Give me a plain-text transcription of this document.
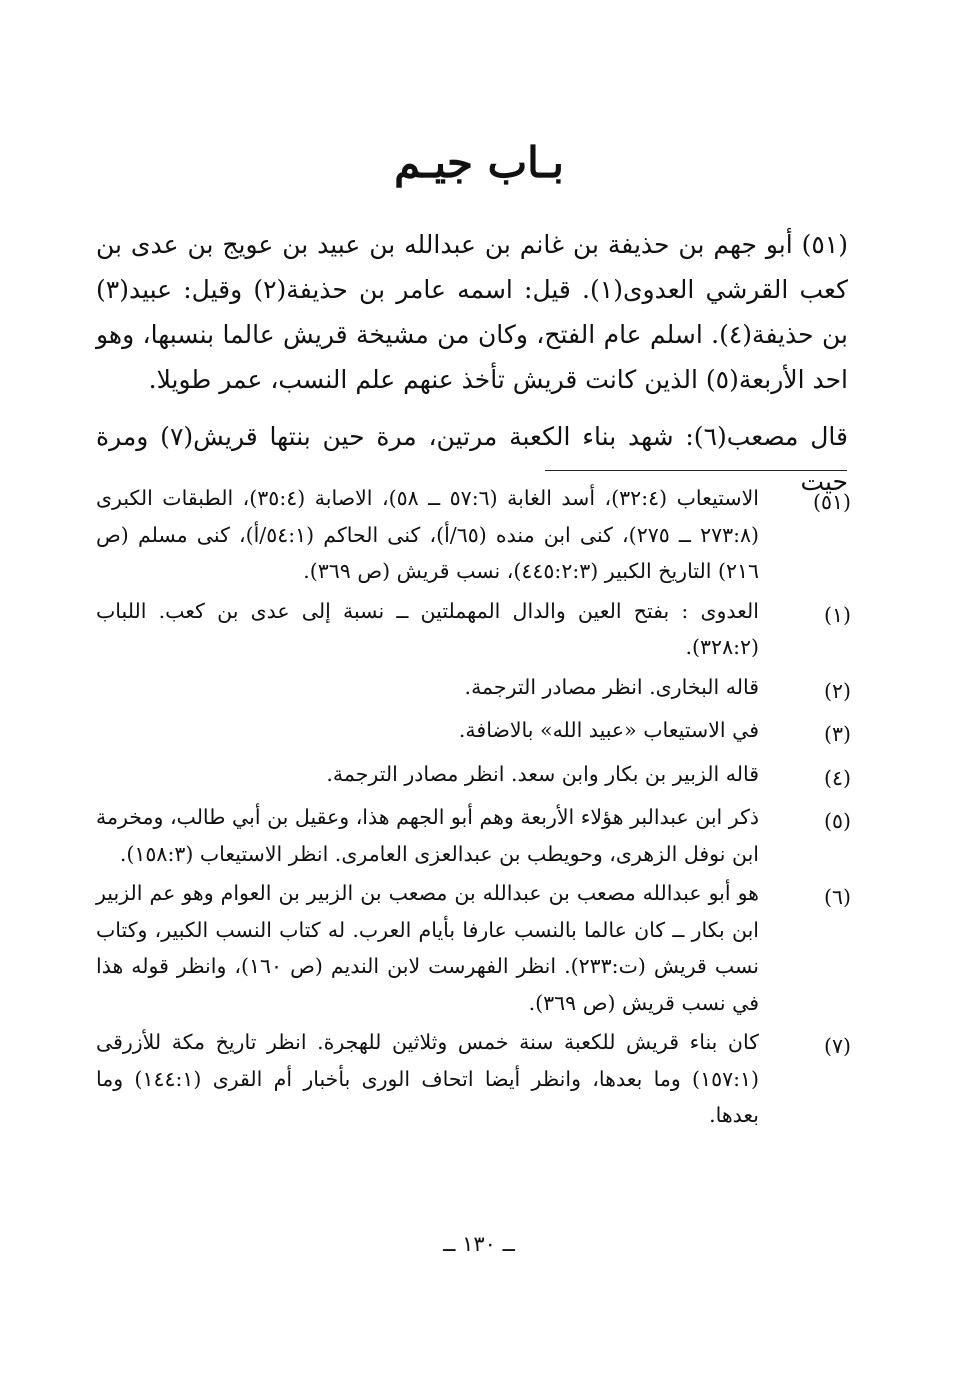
بـاب جيـم

(٥١) أبو جهم بن حذيفة بن غانم بن عبدالله بن عبيد بن عويج بن عدى بن كعب القرشي العدوى(١). قيل: اسمه عامر بن حذيفة(٢) وقيل: عبيد(٣) بن حذيفة(٤). اسلم عام الفتح، وكان من مشيخة قريش عالما بنسبها، وهو احد الأربعة(٥) الذين كانت قريش تأخذ عنهم علم النسب، عمر طويلا.

قال مصعب(٦): شهد بناء الكعبة مرتين، مرة حين بنتها قريش(٧) ومرة حيت

(٥١)
الاستيعاب (٣٢:٤)، أسد الغابة (٥٧:٦ ــ ٥٨)، الاصابة (٣٥:٤)، الطبقات الكبرى (٢٧٣:٨ ــ ٢٧٥)، كنى ابن منده (٦٥/أ)، كنى الحاكم (٥٤:١/أ)، كنى مسلم (ص ٢١٦) التاريخ الكبير (٤٤٥:٢:٣)، نسب قريش (ص ٣٦٩).
(١)
العدوى : بفتح العين والدال المهملتين ــ نسبة إلى عدى بن كعب. اللباب (٣٢٨:٢).
(٢)
قاله البخارى. انظر مصادر الترجمة.
(٣)
في الاستيعاب «عبيد الله» بالاضافة.
(٤)
قاله الزبير بن بكار وابن سعد. انظر مصادر الترجمة.
(٥)
ذكر ابن عبدالبر هؤلاء الأربعة وهم أبو الجهم هذا، وعقيل بن أبي طالب، ومخرمة ابن نوفل الزهرى، وحويطب بن عبدالعزى العامرى. انظر الاستيعاب (١٥٨:٣).
(٦)
هو أبو عبدالله مصعب بن عبدالله بن مصعب بن الزبير بن العوام وهو عم الزبير ابن بكار ــ كان عالما بالنسب عارفا بأيام العرب. له كتاب النسب الكبير، وكتاب نسب قريش (ت:٢٣٣). انظر الفهرست لابن النديم (ص ١٦٠)، وانظر قوله هذا في نسب قريش (ص ٣٦٩).
(٧)
كان بناء قريش للكعبة سنة خمس وثلاثين للهجرة. انظر تاريخ مكة للأزرقى (١٥٧:١) وما بعدها، وانظر أيضا اتحاف الورى بأخبار أم القرى (١٤٤:١) وما بعدها.
ــ ١٣٠ ــ
